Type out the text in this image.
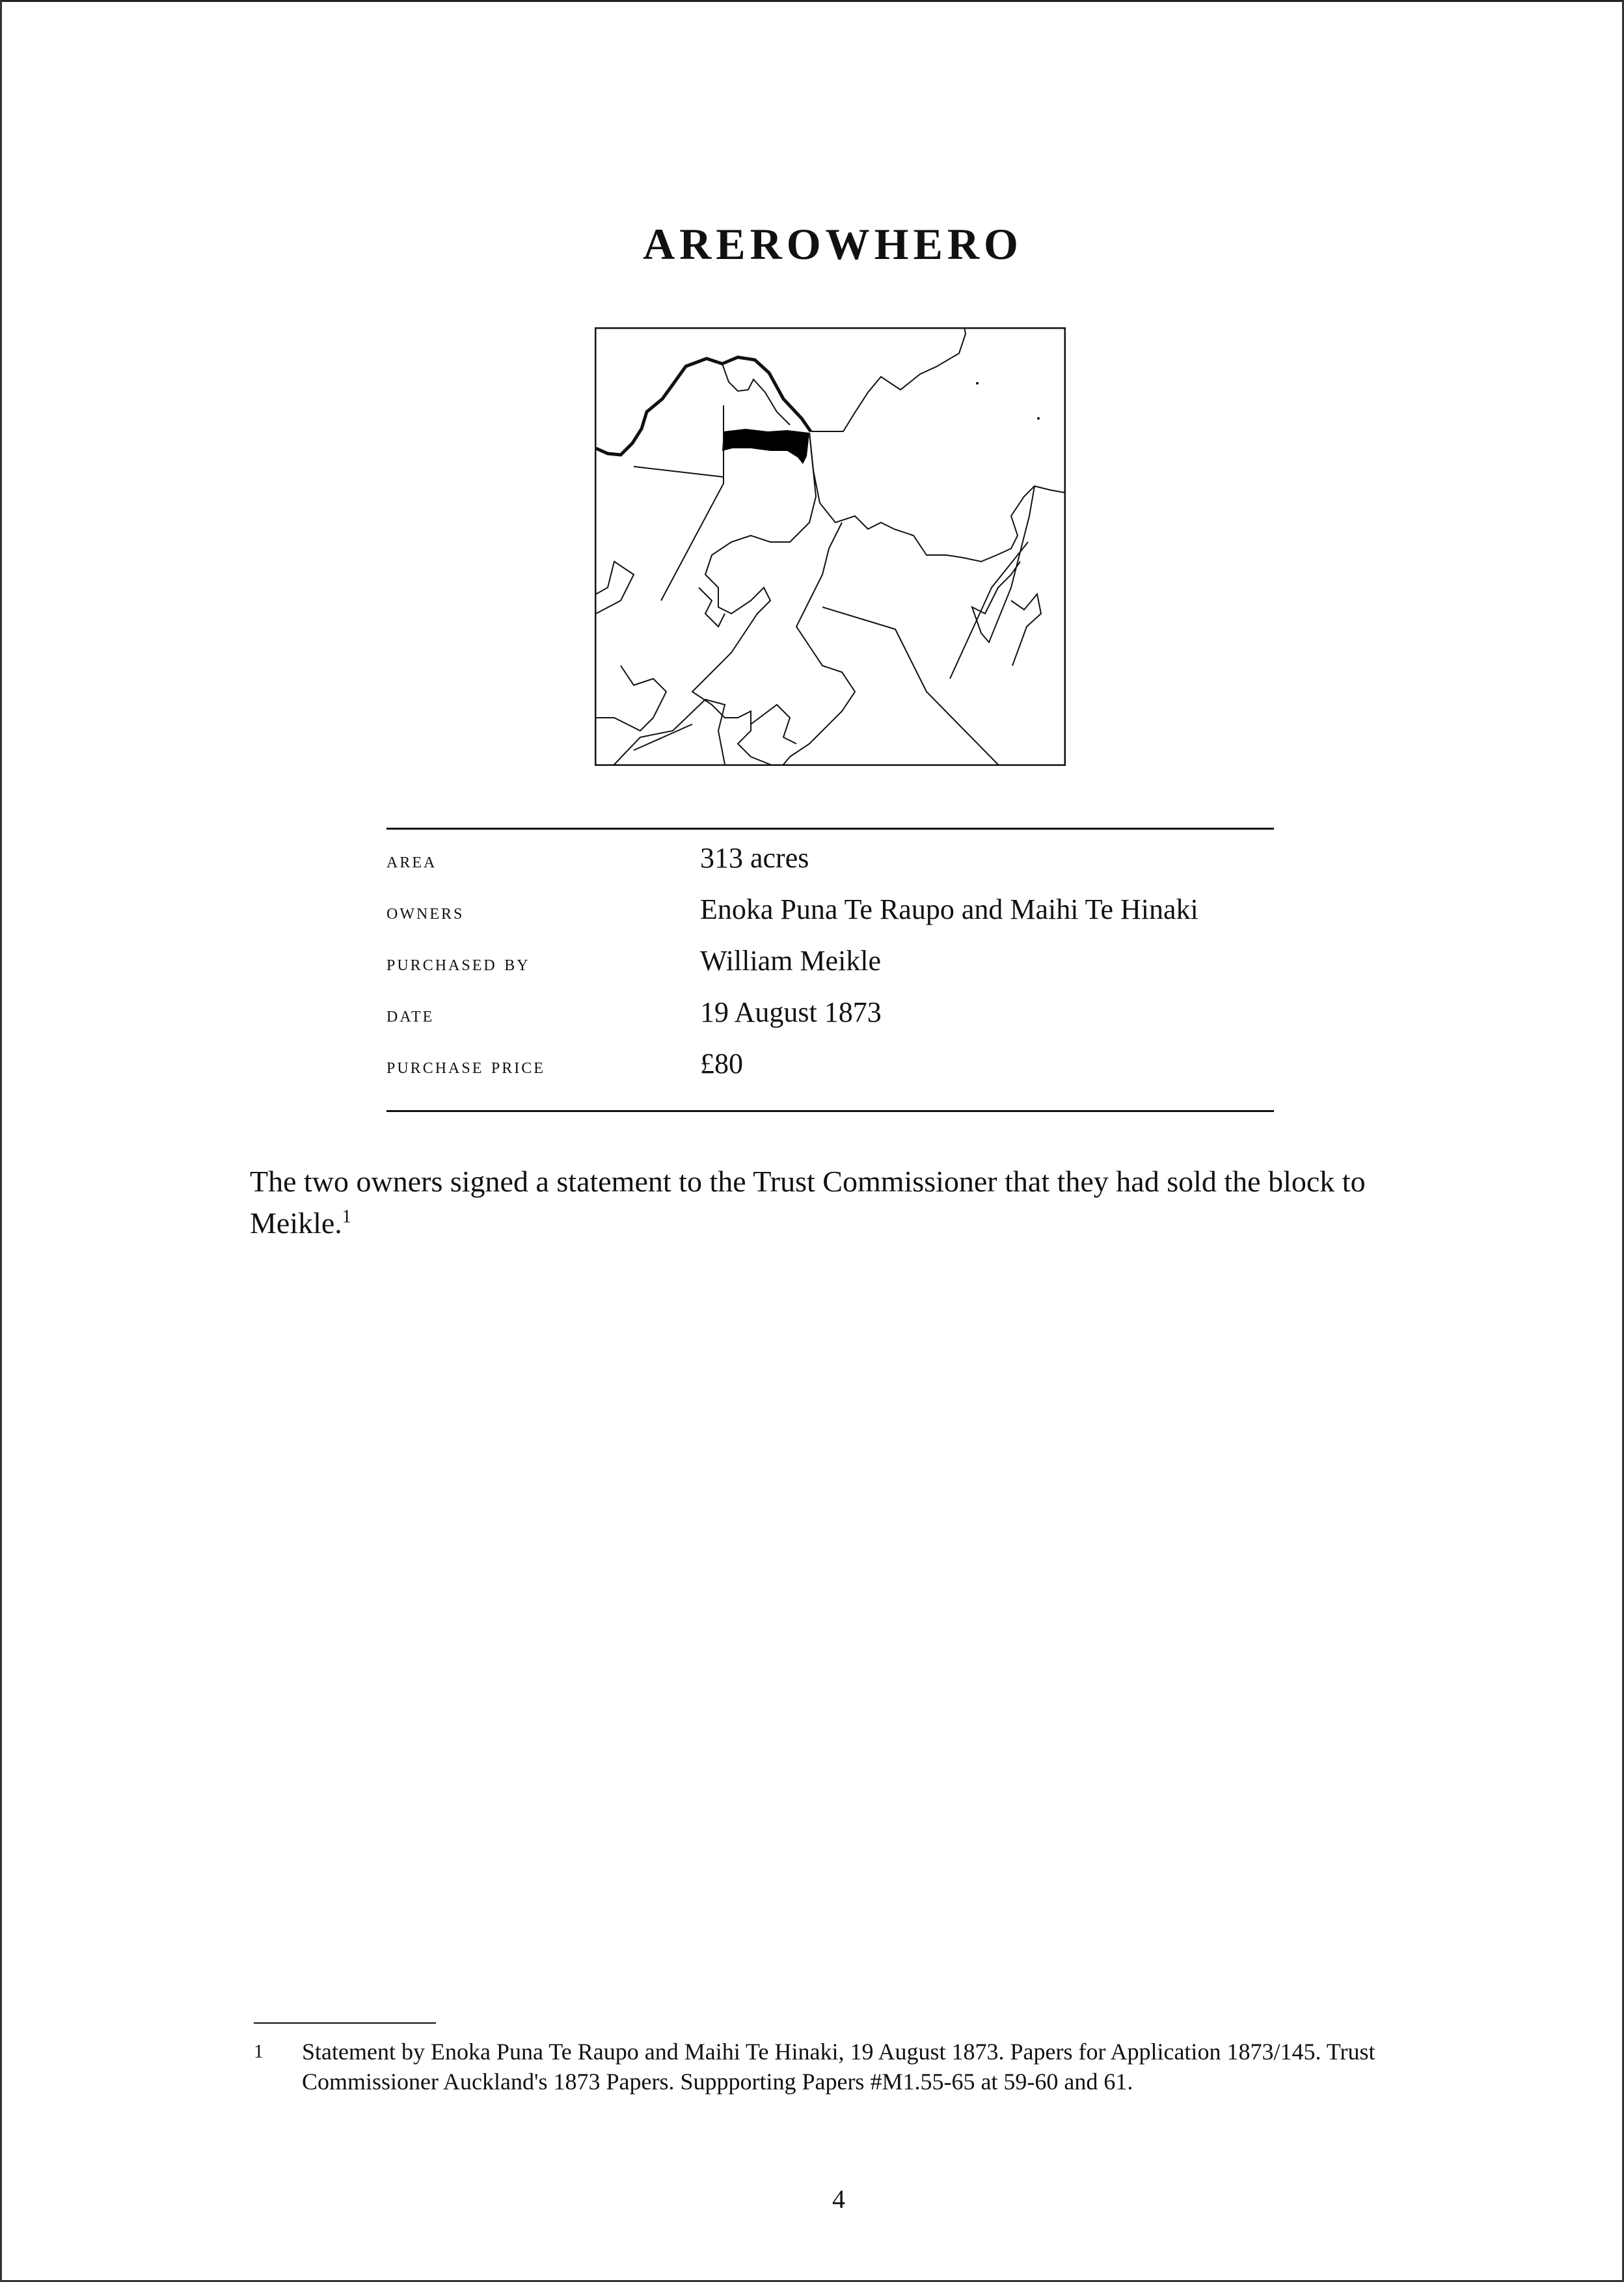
AREROWHERO
area	313 acres
owners	Enoka Puna Te Raupo and Maihi Te Hinaki
purchased by	William Meikle
date	19 August 1873
purchase price	£80
The two owners signed a statement to the Trust Commissioner that they had sold the block to Meikle.$^1$
1	Statement by Enoka Puna Te Raupo and Maihi Te Hinaki, 19 August 1873. Papers for Application 1873/145. Trust Commissioner Auckland's 1873 Papers. Suppporting Papers #M1.55-65 at 59-60 and 61.
4
